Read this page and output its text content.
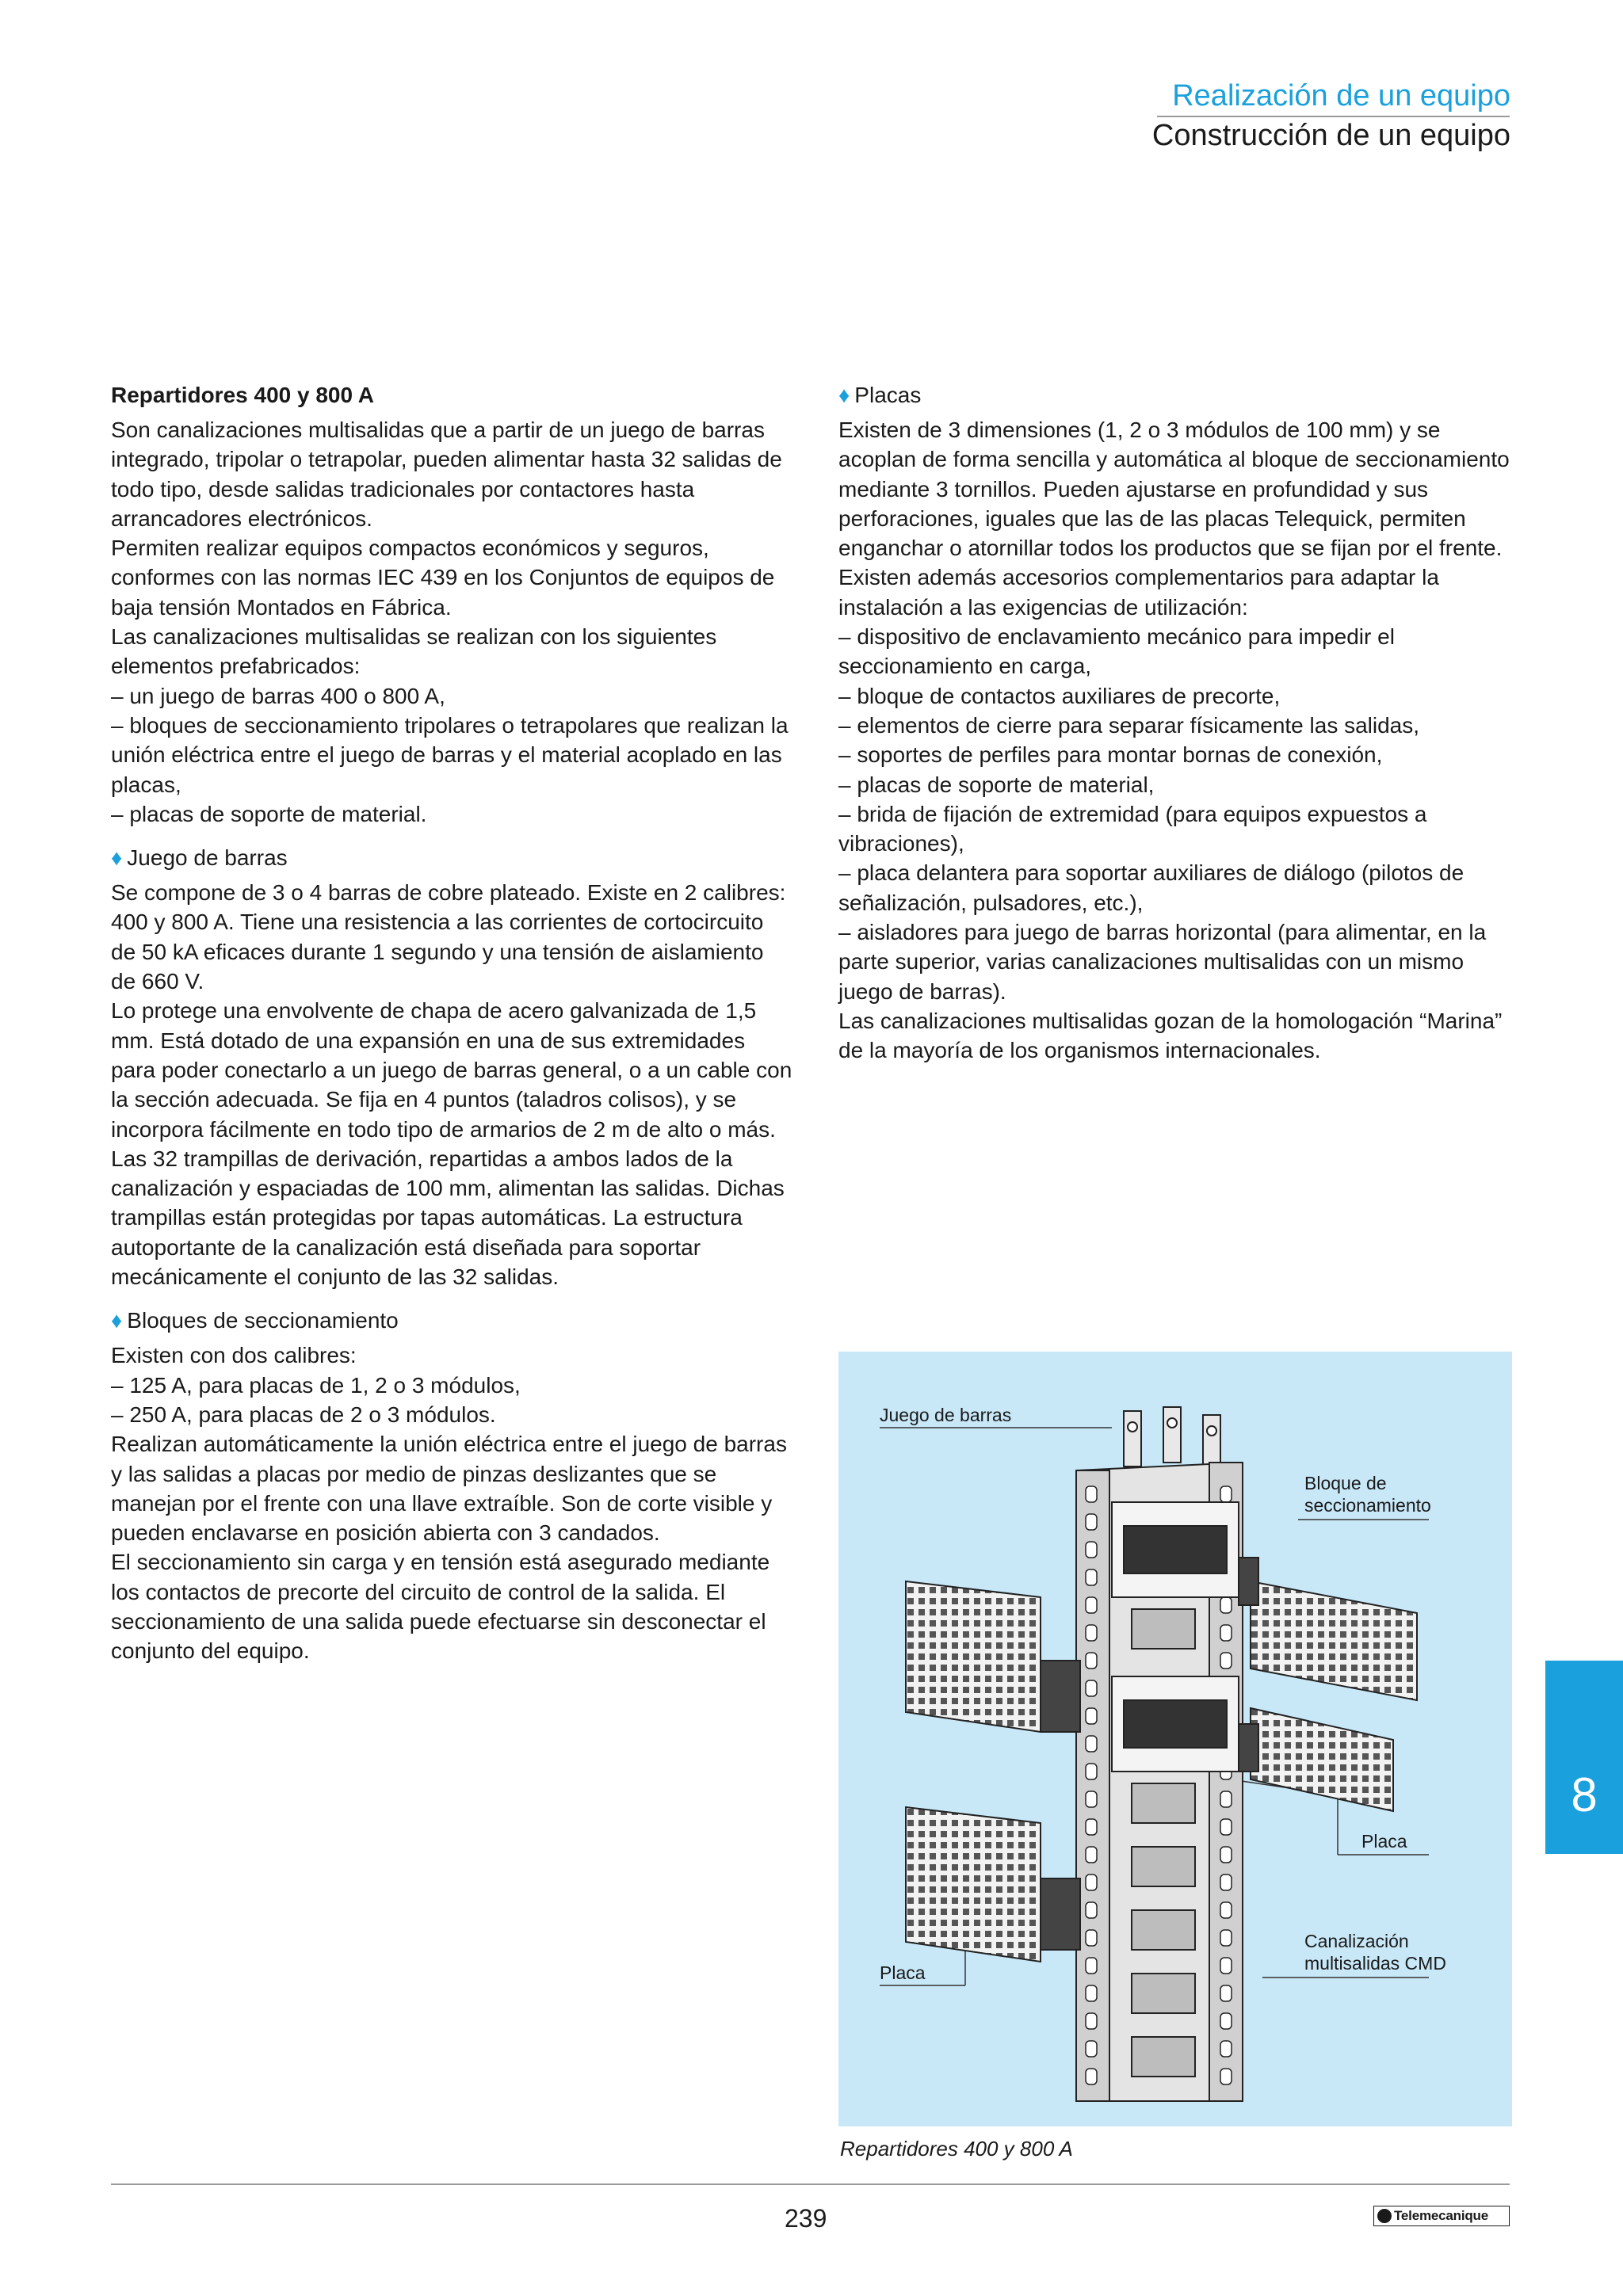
Realización de un equipo
Construcción de un equipo
Repartidores 400 y 800 A

Son canalizaciones multisalidas que a partir de un juego de barras integrado, tripolar o tetrapolar, pueden alimentar hasta 32 salidas de todo tipo, desde salidas tradicionales por contactores hasta arrancadores electrónicos.

Permiten realizar equipos compactos económicos y seguros, conformes con las normas IEC 439 en los Conjuntos de equipos de baja tensión Montados en Fábrica.

Las canalizaciones multisalidas se realizan con los siguientes elementos prefabricados:

– un juego de barras 400 o 800 A,

– bloques de seccionamiento tripolares o tetrapolares que realizan la unión eléctrica entre el juego de barras y el material acoplado en las placas,

– placas de soporte de material.

♦ Juego de barras

Se compone de 3 o 4 barras de cobre plateado. Existe en 2 calibres: 400 y 800 A. Tiene una resistencia a las corrientes de cortocircuito de 50 kA eficaces durante 1 segundo y una tensión de aislamiento de 660 V.

Lo protege una envolvente de chapa de acero galvanizada de 1,5 mm. Está dotado de una expansión en una de sus extremidades para poder conectarlo a un juego de barras general, o a un cable con la sección adecuada. Se fija en 4 puntos (taladros colisos), y se incorpora fácilmente en todo tipo de armarios de 2 m de alto o más. Las 32 trampillas de derivación, repartidas a ambos lados de la canalización y espaciadas de 100 mm, alimentan las salidas. Dichas trampillas están protegidas por tapas automáticas. La estructura autoportante de la canalización está diseñada para soportar mecánicamente el conjunto de las 32 salidas.

♦ Bloques de seccionamiento

Existen con dos calibres:

– 125 A, para placas de 1, 2 o 3 módulos,

– 250 A, para placas de 2 o 3 módulos.

Realizan automáticamente la unión eléctrica entre el juego de barras y las salidas a placas por medio de pinzas deslizantes que se manejan por el frente con una llave extraíble. Son de corte visible y pueden enclavarse en posición abierta con 3 candados.

El seccionamiento sin carga y en tensión está asegurado mediante los contactos de precorte del circuito de control de la salida. El seccionamiento de una salida puede efectuarse sin desconectar el conjunto del equipo.

♦ Placas

Existen de 3 dimensiones (1, 2 o 3 módulos de 100 mm) y se acoplan de forma sencilla y automática al bloque de seccionamiento mediante 3 tornillos. Pueden ajustarse en profundidad y sus perforaciones, iguales que las de las placas Telequick, permiten enganchar o atornillar todos los productos que se fijan por el frente.

Existen además accesorios complementarios para adaptar la instalación a las exigencias de utilización:

– dispositivo de enclavamiento mecánico para impedir el seccionamiento en carga,

– bloque de contactos auxiliares de precorte,

– elementos de cierre para separar físicamente las salidas,

– soportes de perfiles para montar bornas de conexión,

– placas de soporte de material,

– brida de fijación de extremidad (para equipos expuestos a vibraciones),

– placa delantera para soportar auxiliares de diálogo (pilotos de señalización, pulsadores, etc.),

– aisladores para juego de barras horizontal (para alimentar, en la parte superior, varias canalizaciones multisalidas con un mismo juego de barras).

Las canalizaciones multisalidas gozan de la homologación “Marina” de la mayoría de los organismos internacionales.

Juego de barras
Bloque de seccionamiento
Placa
Placa
Canalización multisalidas CMD
Repartidores 400 y 800 A
8
239	Telemecanique
